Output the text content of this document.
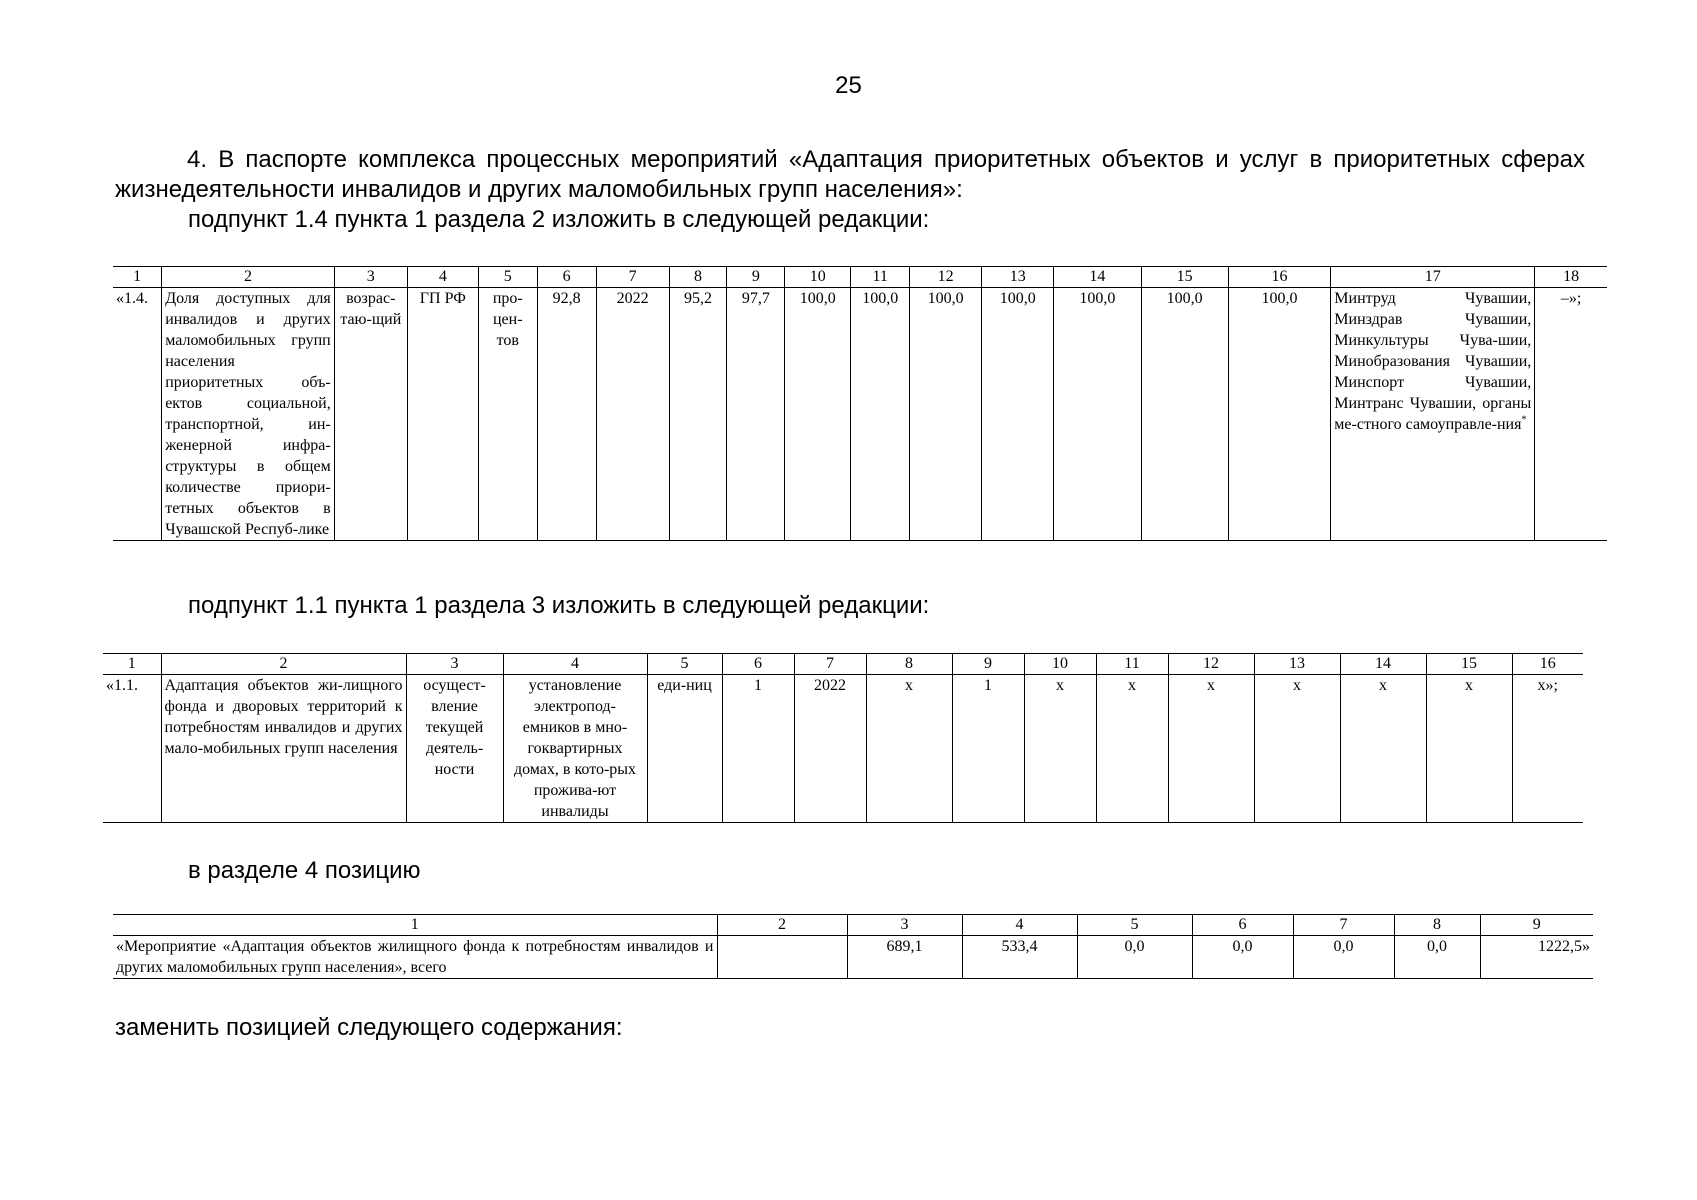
25
4. В паспорте комплекса процессных мероприятий «Адаптация приоритетных объектов и услуг в приоритетных сферах жизнедеятельности инвалидов и других маломобильных групп населения»:
подпункт 1.4 пункта 1 раздела 2 изложить в следующей редакции:
1	2	3	4	5	6	7	8	9	10	11	12	13	14	15	16	17	18
«1.4.	Доля доступных для инвалидов и других маломобильных групп населения приоритетных объ-ектов социальной, транспортной, ин-женерной инфра-структуры в общем количестве приори-тетных объектов в Чувашской Респуб-лике	возрас-таю-щий	ГП РФ	про-цен-тов	92,8	2022	95,2	97,7	100,0	100,0	100,0	100,0	100,0	100,0	100,0	Минтруд Чувашии, Минздрав Чувашии, Минкультуры Чува-шии, Минобразования Чувашии, Минспорт Чувашии, Минтранс Чувашии, органы ме-стного самоуправле-ния*	–»;
подпункт 1.1 пункта 1 раздела 3 изложить в следующей редакции:
1	2	3	4	5	6	7	8	9	10	11	12	13	14	15	16
«1.1.	Адаптация объектов жи-лищного фонда и дворовых территорий к потребностям инвалидов и других мало-мобильных групп населения	осущест-вление текущей деятель-ности	установление электропод-емников в мно-гоквартирных домах, в кото-рых прожива-ют инвалиды	еди-ниц	1	2022	x	1	x	x	x	x	x	x	x»;
в разделе 4 позицию
1	2	3	4	5	6	7	8	9
«Мероприятие «Адаптация объектов жилищного фонда к потребностям инвалидов и других маломобильных групп населения», всего		689,1	533,4	0,0	0,0	0,0	0,0	1222,5»
заменить позицией следующего содержания:
